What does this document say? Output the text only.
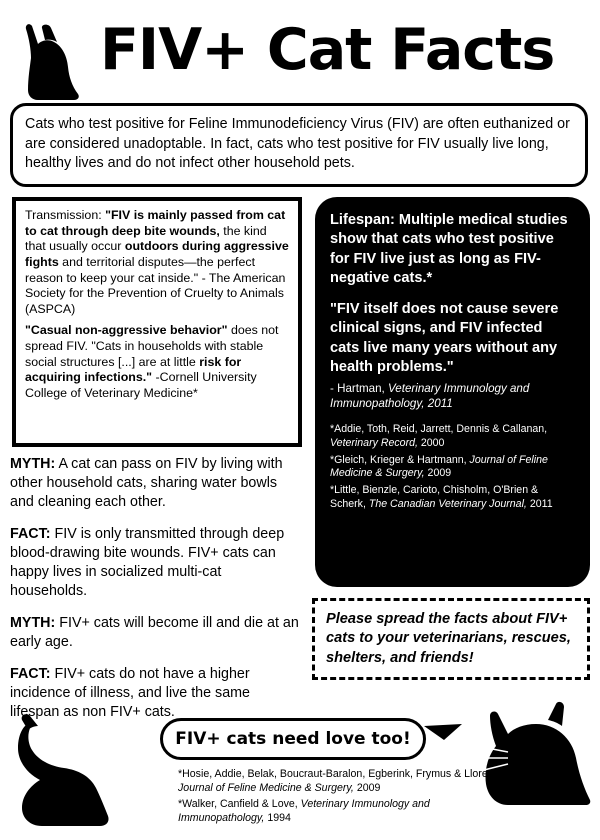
FIV+ Cat Facts
Cats who test positive for Feline Immunodeficiency Virus (FIV) are often euthanized or are considered unadoptable. In fact, cats who test positive for FIV usually live long, healthy lives and do not infect other household pets.

Transmission: "FIV is mainly passed from cat to cat through deep bite wounds, the kind that usually occur outdoors during aggressive fights and territorial disputes—the perfect reason to keep your cat inside." - The American Society for the Prevention of Cruelty to Animals (ASPCA)

"Casual non-aggressive behavior" does not spread FIV. "Cats in households with stable social structures [...] are at little risk for acquiring infections." -Cornell University College of Veterinary Medicine*

Lifespan: Multiple medical studies show that cats who test positive for FIV live just as long as FIV-negative cats.*
"FIV itself does not cause severe clinical signs, and FIV infected cats live many years without any health problems."
- Hartman, Veterinary Immunology and Immunopathology, 2011
*Addie, Toth, Reid, Jarrett, Dennis & Callanan, Veterinary Record, 2000
*Gleich, Krieger & Hartmann, Journal of Feline Medicine & Surgery, 2009
*Little, Bienzle, Carioto, Chisholm, O'Brien & Scherk, The Canadian Veterinary Journal, 2011

MYTH: A cat can pass on FIV by living with other household cats, sharing water bowls and cleaning each other.

FACT: FIV is only transmitted through deep blood-drawing bite wounds. FIV+ cats can happy lives in socialized multi-cat households.

MYTH: FIV+ cats will become ill and die at an early age.

FACT: FIV+ cats do not have a higher incidence of illness, and live the same lifespan as non FIV+ cats.

Please spread the facts about FIV+ cats to your veterinarians, rescues, shelters, and friends!
FIV+ cats need love too!
*Hosie, Addie, Belak, Boucraut-Baralon, Egberink, Frymus & Lloret, Journal of Feline Medicine & Surgery, 2009
*Walker, Canfield & Love, Veterinary Immunology and Immunopathology, 1994
